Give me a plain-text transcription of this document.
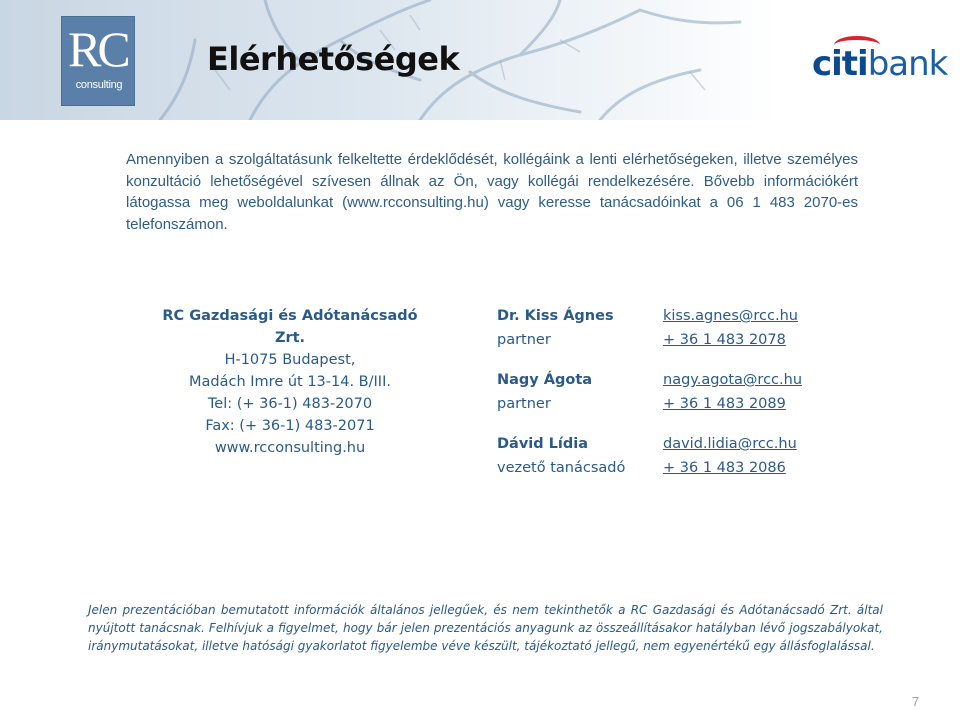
RC
consulting
Elérhetőségek	citibank
Amennyiben a szolgáltatásunk felkeltette érdeklődését, kollégáink a lenti elérhetőségeken, illetve személyes konzultáció lehetőségével szívesen állnak az Ön, vagy kollégái rendelkezésére. Bővebb információkért látogassa meg weboldalunkat (www.rcconsulting.hu) vagy keresse tanácsadóinkat a 06 1 483 2070-es telefonszámon.
RC Gazdasági és Adótanácsadó Zrt.
H-1075 Budapest,
Madách Imre út 13-14. B/III.
Tel: (+ 36-1) 483-2070
Fax: (+ 36-1) 483-2071
www.rcconsulting.hu
Dr. Kiss Ágnes
partner
kiss.agnes@rcc.hu
+ 36 1 483 2078
Nagy Ágota
partner
nagy.agota@rcc.hu
+ 36 1 483 2089
Dávid Lídia
vezető tanácsadó
david.lidia@rcc.hu
+ 36 1 483 2086
Jelen prezentációban bemutatott információk általános jellegűek, és nem tekinthetők a RC Gazdasági és Adótanácsadó Zrt. által nyújtott tanácsnak. Felhívjuk a figyelmet, hogy bár jelen prezentációs anyagunk az összeállításakor hatályban lévő jogszabályokat, iránymutatásokat, illetve hatósági gyakorlatot figyelembe véve készült, tájékoztató jellegű, nem egyenértékű egy állásfoglalással.
7
